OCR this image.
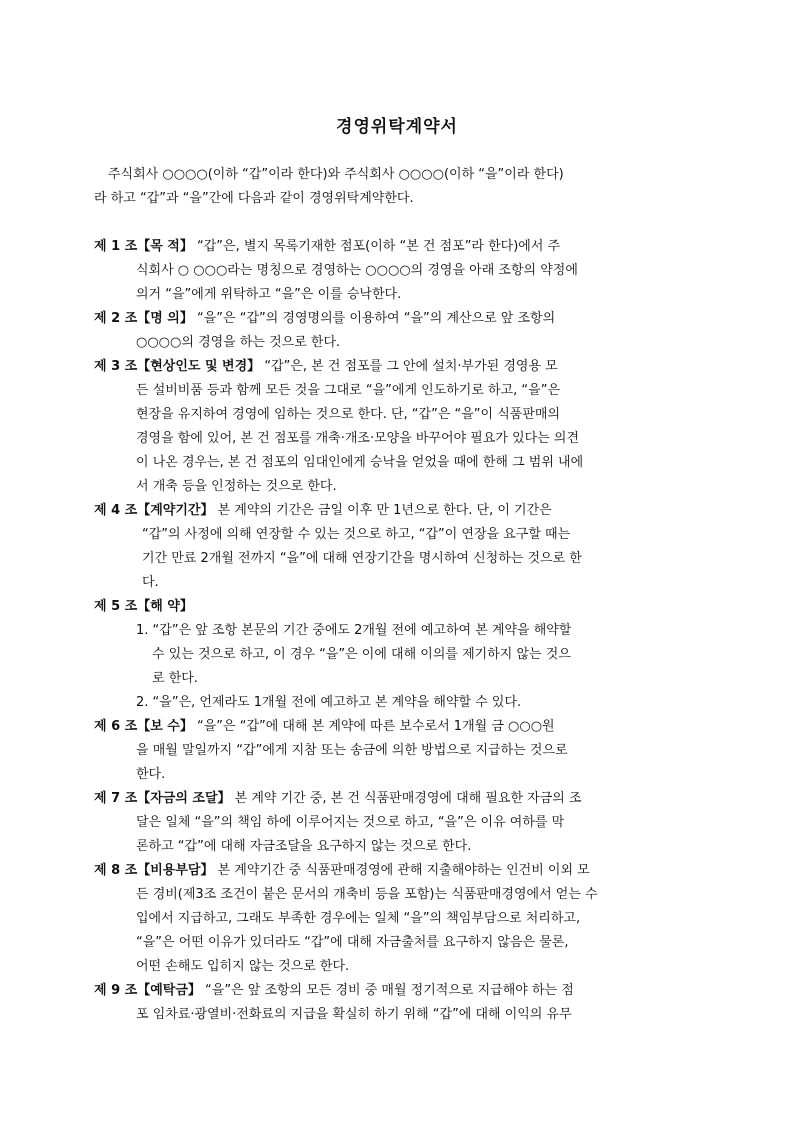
경영위탁계약서
주식회사 ○○○○(이하 “갑”이라 한다)와 주식회사 ○○○○(이하 “을”이라 한다)
라 하고 “갑”과 “을”간에 다음과 같이 경영위탁계약한다.
제 1 조【목 적】 “갑”은, 별지 목록기재한 점포(이하 “본 건 점포”라 한다)에서 주
식회사 ○ ○○○라는 명칭으로 경영하는 ○○○○의 경영을 아래 조항의 약정에
의거 “을”에게 위탁하고 “을”은 이를 승낙한다.
제 2 조【명 의】 “을”은 “갑”의 경영명의를 이용하여 “을”의 계산으로 앞 조항의
○○○○의 경영을 하는 것으로 한다.
제 3 조【현상인도 및 변경】 “갑”은, 본 건 점포를 그 안에 설치·부가된 경영용 모
든 설비비품 등과 함께 모든 것을 그대로 “을”에게 인도하기로 하고, “을”은
현장을 유지하여 경영에 임하는 것으로 한다. 단, “갑”은 “을”이 식품판매의
경영을 함에 있어, 본 건 점포를 개축·개조·모양을 바꾸어야 필요가 있다는 의견
이 나온 경우는, 본 건 점포의 임대인에게 승낙을 얻었을 때에 한해 그 범위 내에
서 개축 등을 인정하는 것으로 한다.
제 4 조【계약기간】 본 계약의 기간은 금일 이후 만 1년으로 한다. 단, 이 기간은
“갑”의 사정에 의해 연장할 수 있는 것으로 하고, “갑”이 연장을 요구할 때는
기간 만료 2개월 전까지 “을”에 대해 연장기간을 명시하여 신청하는 것으로 한
다.
제 5 조【해 약】
1. “갑”은 앞 조항 본문의 기간 중에도 2개월 전에 예고하여 본 계약을 해약할
수 있는 것으로 하고, 이 경우 “을”은 이에 대해 이의를 제기하지 않는 것으
로 한다.
2. “을”은, 언제라도 1개월 전에 예고하고 본 계약을 해약할 수 있다.
제 6 조【보 수】 “을”은 “갑”에 대해 본 계약에 따른 보수로서 1개월 금 ○○○원
을 매월 말일까지 “갑”에게 지참 또는 송금에 의한 방법으로 지급하는 것으로
한다.
제 7 조【자금의 조달】 본 계약 기간 중, 본 건 식품판매경영에 대해 필요한 자금의 조
달은 일체 “을”의 책임 하에 이루어지는 것으로 하고, “을”은 이유 여하를 막
론하고 “갑”에 대해 자금조달을 요구하지 않는 것으로 한다.
제 8 조【비용부담】 본 계약기간 중 식품판매경영에 관해 지출해야하는 인건비 이외 모
든 경비(제3조 조건이 붙은 문서의 개축비 등을 포함)는 식품판매경영에서 얻는 수
입에서 지급하고, 그래도 부족한 경우에는 일체 “을”의 책임부담으로 처리하고,
“을”은 어떤 이유가 있더라도 “갑”에 대해 자금출처를 요구하지 않음은 물론,
어떤 손해도 입히지 않는 것으로 한다.
제 9 조【예탁금】 “을”은 앞 조항의 모든 경비 중 매월 정기적으로 지급해야 하는 점
포 임차료·광열비·전화료의 지급을 확실히 하기 위해 “갑”에 대해 이익의 유무
